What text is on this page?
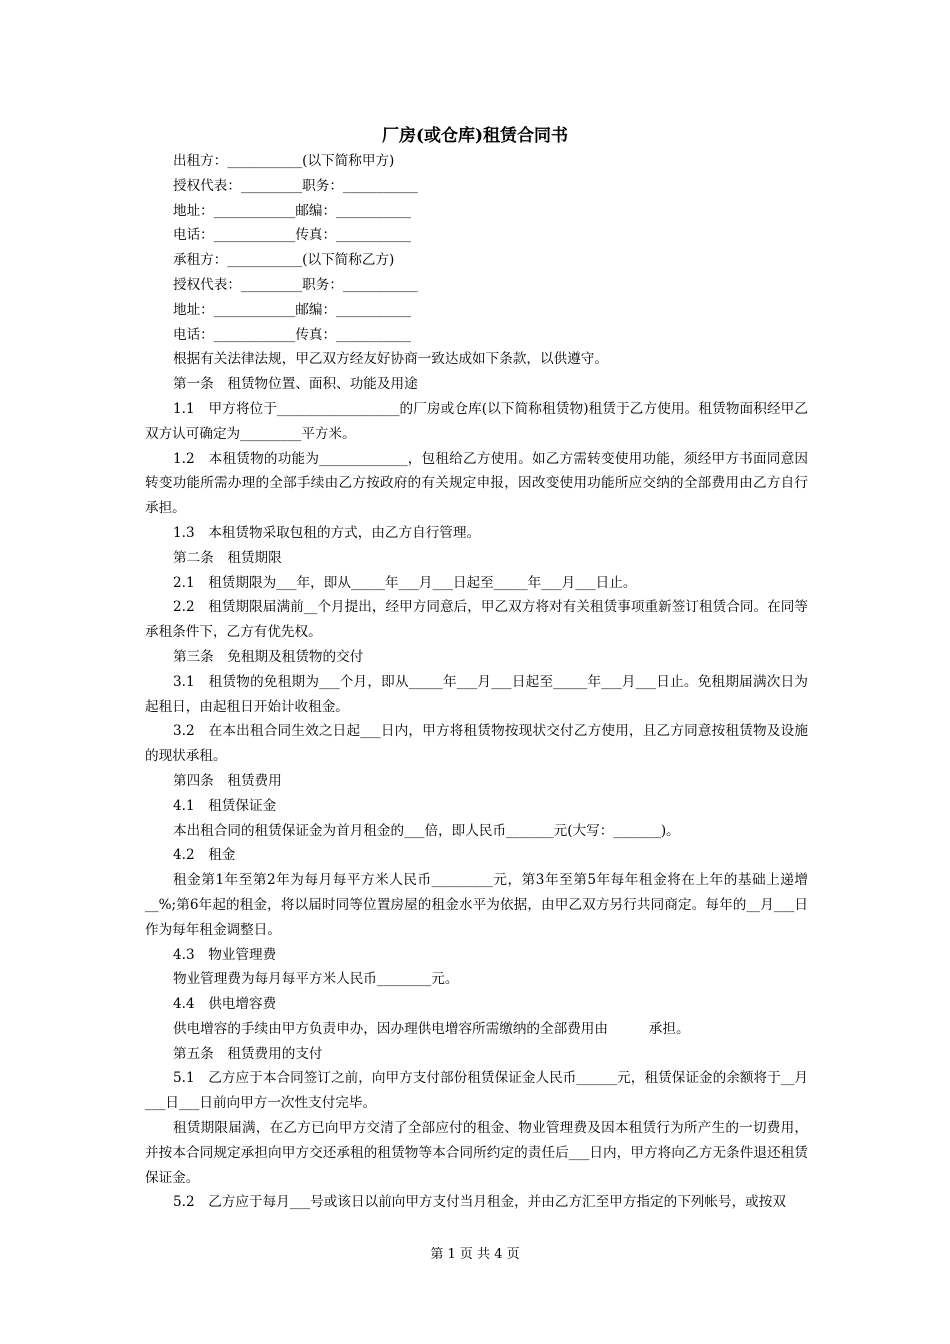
厂房(或仓库)租赁合同书

出租方：___________(以下简称甲方)

授权代表：_________职务：___________

地址：____________邮编：___________

电话：____________传真：___________

承租方：___________(以下简称乙方)

授权代表：_________职务：___________

地址：____________邮编：___________

电话：____________传真：___________

根据有关法律法规，甲乙双方经友好协商一致达成如下条款，以供遵守。

第一条　租赁物位置、面积、功能及用途

1.1　甲方将位于__________________的厂房或仓库(以下简称租赁物)租赁于乙方使用。租赁物面积经甲乙双方认可确定为_________平方米。

1.2　本租赁物的功能为_____________，包租给乙方使用。如乙方需转变使用功能，须经甲方书面同意因转变功能所需办理的全部手续由乙方按政府的有关规定申报，因改变使用功能所应交纳的全部费用由乙方自行承担。

1.3　本租赁物采取包租的方式，由乙方自行管理。

第二条　租赁期限

2.1　租赁期限为___年，即从_____年___月___日起至_____年___月___日止。

2.2　租赁期限届满前__个月提出，经甲方同意后，甲乙双方将对有关租赁事项重新签订租赁合同。在同等承租条件下，乙方有优先权。

第三条　免租期及租赁物的交付

3.1　租赁物的免租期为___个月，即从_____年___月___日起至_____年___月___日止。免租期届满次日为起租日，由起租日开始计收租金。

3.2　在本出租合同生效之日起___日内，甲方将租赁物按现状交付乙方使用，且乙方同意按租赁物及设施的现状承租。

第四条　租赁费用

4.1　租赁保证金

本出租合同的租赁保证金为首月租金的___倍，即人民币_______元(大写：_______)。

4.2　租金

租金第1年至第2年为每月每平方米人民币_________元，第3年至第5年每年租金将在上年的基础上递增__%;第6年起的租金，将以届时同等位置房屋的租金水平为依据，由甲乙双方另行共同商定。每年的__月___日作为每年租金调整日。

4.3　物业管理费

物业管理费为每月每平方米人民币________元。

4.4　供电增容费

供电增容的手续由甲方负责申办，因办理供电增容所需缴纳的全部费用由　　　承担。

第五条　租赁费用的支付

5.1　乙方应于本合同签订之前，向甲方支付部份租赁保证金人民币______元，租赁保证金的余额将于__月___日___日前向甲方一次性支付完毕。

租赁期限届满，在乙方已向甲方交清了全部应付的租金、物业管理费及因本租赁行为所产生的一切费用，并按本合同规定承担向甲方交还承租的租赁物等本合同所约定的责任后___日内，甲方将向乙方无条件退还租赁保证金。

5.2　乙方应于每月___号或该日以前向甲方支付当月租金，并由乙方汇至甲方指定的下列帐号，或按双

第 1 页 共 4 页
